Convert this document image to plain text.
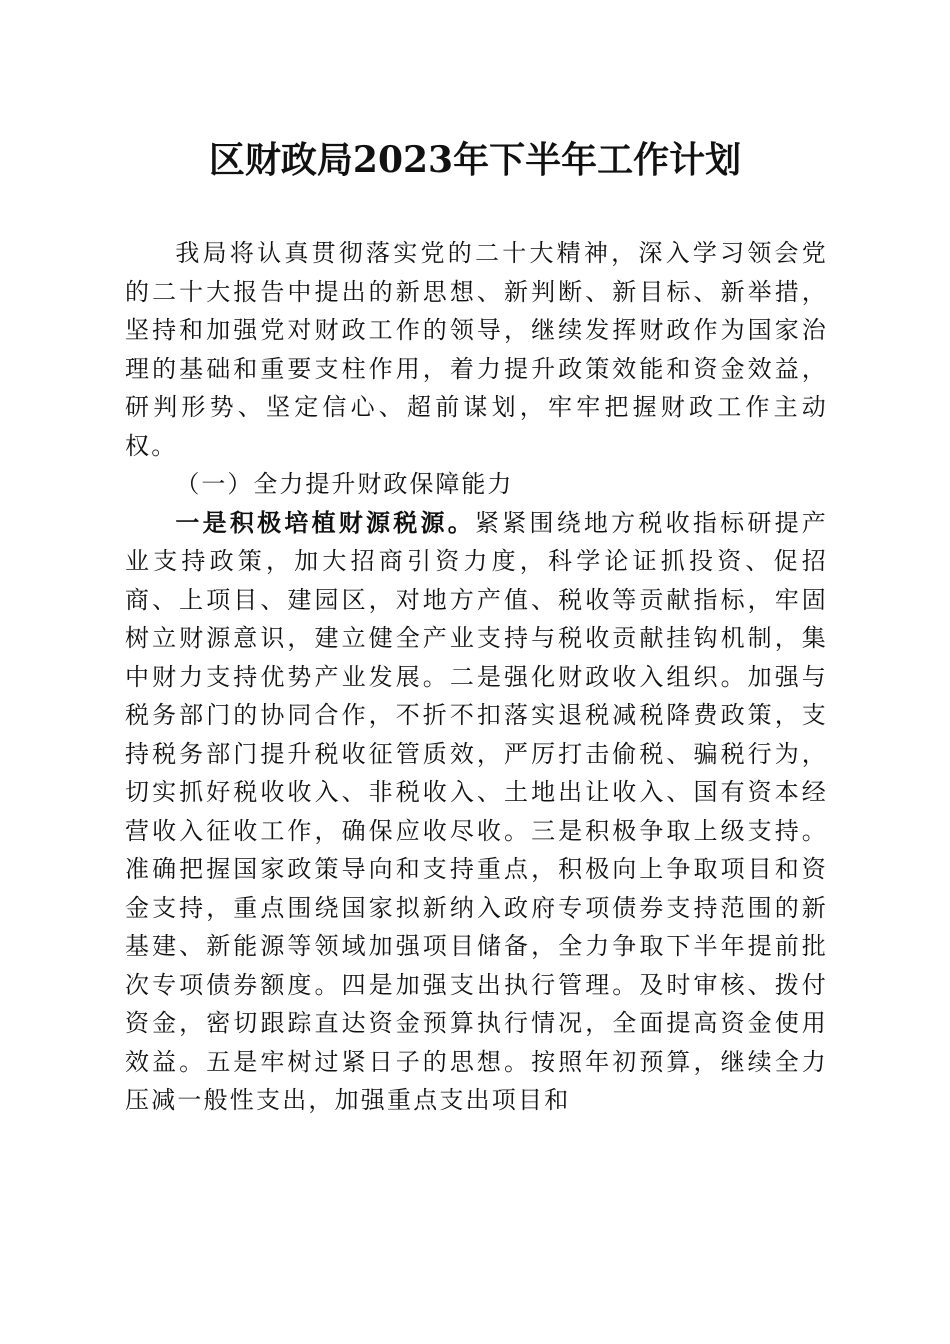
区财政局2023年下半年工作计划

我局将认真贯彻落实党的二十大精神，深入学习领会党的二十大报告中提出的新思想、新判断、新目标、新举措，坚持和加强党对财政工作的领导，继续发挥财政作为国家治理的基础和重要支柱作用，着力提升政策效能和资金效益，研判形势、坚定信心、超前谋划，牢牢把握财政工作主动权。

（一）全力提升财政保障能力

一是积极培植财源税源。紧紧围绕地方税收指标研提产业支持政策，加大招商引资力度，科学论证抓投资、促招商、上项目、建园区，对地方产值、税收等贡献指标，牢固树立财源意识，建立健全产业支持与税收贡献挂钩机制，集中财力支持优势产业发展。二是强化财政收入组织。加强与税务部门的协同合作，不折不扣落实退税减税降费政策，支持税务部门提升税收征管质效，严厉打击偷税、骗税行为，切实抓好税收收入、非税收入、土地出让收入、国有资本经营收入征收工作，确保应收尽收。三是积极争取上级支持。准确把握国家政策导向和支持重点，积极向上争取项目和资金支持，重点围绕国家拟新纳入政府专项债券支持范围的新基建、新能源等领域加强项目储备，全力争取下半年提前批次专项债券额度。四是加强支出执行管理。及时审核、拨付资金，密切跟踪直达资金预算执行情况，全面提高资金使用效益。五是牢树过紧日子的思想。按照年初预算，继续全力压减一般性支出，加强重点支出项目和
